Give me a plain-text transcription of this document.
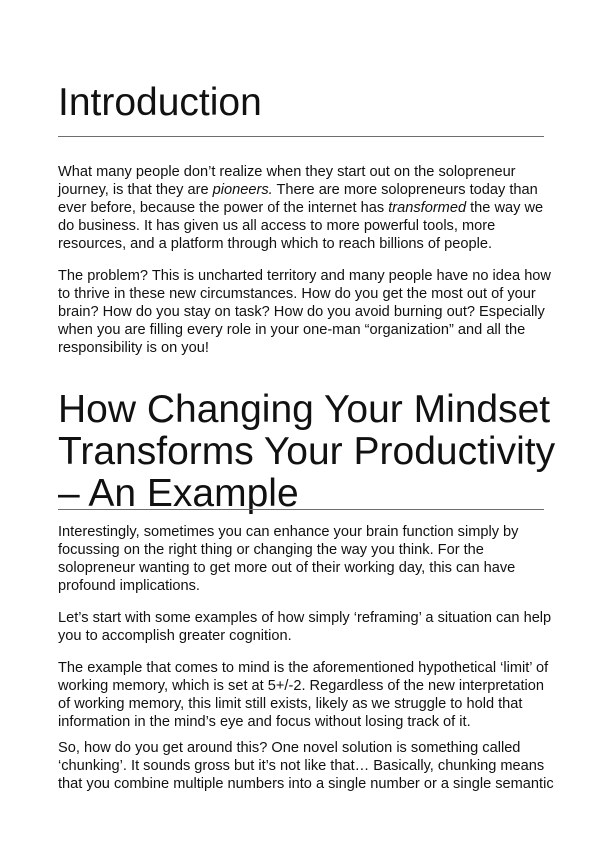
Introduction

What many people don’t realize when they start out on the solopreneur
journey, is that they are pioneers. There are more solopreneurs today than
ever before, because the power of the internet has transformed the way we
do business. It has given us all access to more powerful tools, more
resources, and a platform through which to reach billions of people.

The problem? This is uncharted territory and many people have no idea how
to thrive in these new circumstances. How do you get the most out of your
brain? How do you stay on task? How do you avoid burning out? Especially
when you are filling every role in your one-man “organization” and all the
responsibility is on you!

How Changing Your Mindset
Transforms Your Productivity
– An Example

Interestingly, sometimes you can enhance your brain function simply by
focussing on the right thing or changing the way you think. For the
solopreneur wanting to get more out of their working day, this can have
profound implications.

Let’s start with some examples of how simply ‘reframing’ a situation can help
you to accomplish greater cognition.

The example that comes to mind is the aforementioned hypothetical ‘limit’ of
working memory, which is set at 5+/-2. Regardless of the new interpretation
of working memory, this limit still exists, likely as we struggle to hold that
information in the mind’s eye and focus without losing track of it.

So, how do you get around this? One novel solution is something called
‘chunking’. It sounds gross but it’s not like that… Basically, chunking means
that you combine multiple numbers into a single number or a single semantic
